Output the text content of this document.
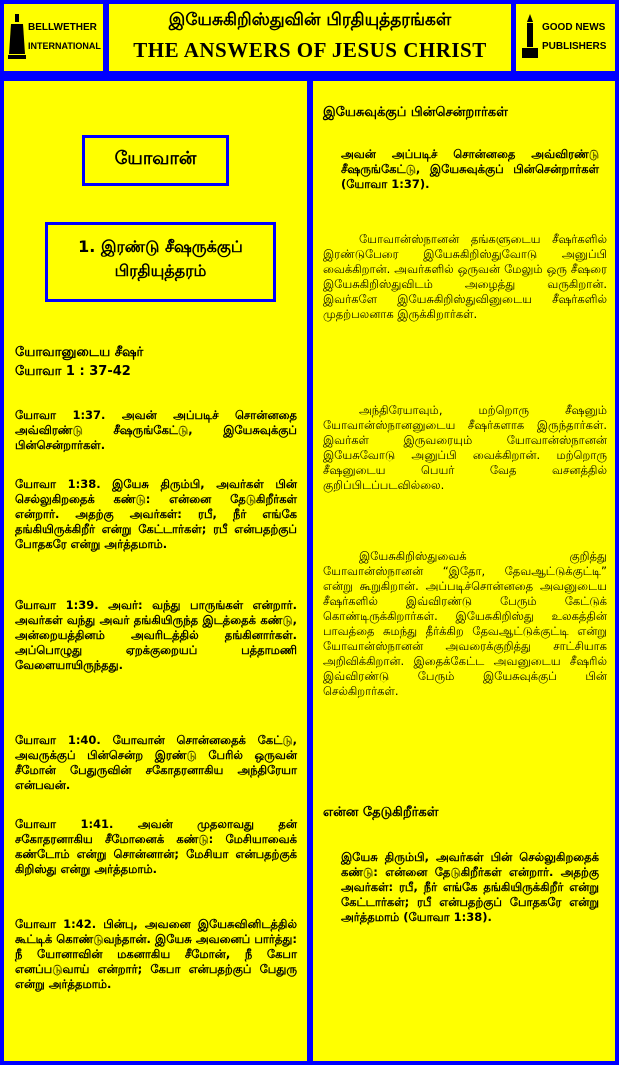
BELLWETHER
INTERNATIONAL
இயேசுகிறிஸ்துவின் பிரதியுத்தரங்கள்
THE ANSWERS OF JESUS CHRIST
GOOD NEWS
PUBLISHERS
யோவான்
1. இரண்டு சீஷருக்குப் பிரதியுத்தரம்
யோவானுடைய சீஷர்
யோவா 1 : 37-42
யோவா 1:37. அவன் அப்படிச் சொன்னதை அவ்விரண்டு சீஷருங்கேட்டு, இயேசுவுக்குப் பின்சென்றார்கள்.
யோவா 1:38. இயேசு திரும்பி, அவர்கள் பின் செல்லுகிறதைக் கண்டு: என்னை தேடுகிறீர்கள் என்றார். அதற்கு அவர்கள்: ரபீ, நீர் எங்கே தங்கியிருக்கிறீர் என்று கேட்டார்கள்; ரபீ என்பதற்குப் போதகரே என்று அர்த்தமாம்.
யோவா 1:39. அவர்: வந்து பாருங்கள் என்றார். அவர்கள் வந்து அவர் தங்கியிருந்த இடத்தைக் கண்டு, அன்றையத்தினம் அவரிடத்தில் தங்கினார்கள். அப்பொழுது ஏறக்குறையப் பத்தாமணி வேளையாயிருந்தது.
யோவா 1:40. யோவான் சொன்னதைக் கேட்டு, அவருக்குப் பின்சென்ற இரண்டு பேரில் ஒருவன் சீமோன் பேதுருவின் சகோதரனாகிய அந்திரேயா என்பவன்.
யோவா 1:41. அவன் முதலாவது தன் சகோதரனாகிய சீமோனைக் கண்டு: மேசியாவைக் கண்டோம் என்று சொன்னான்; மேசியா என்பதற்குக் கிறிஸ்து என்று அர்த்தமாம்.
யோவா 1:42. பின்பு, அவனை இயேசுவினிடத்தில் கூட்டிக் கொண்டுவந்தான். இயேசு அவனைப் பார்த்து: நீ யோனாவின் மகனாகிய சீமோன், நீ கேபா எனப்படுவாய் என்றார்; கேபா என்பதற்குப் பேதுரு என்று அர்த்தமாம்.
இயேசுவுக்குப் பின்சென்றார்கள்
அவன் அப்படிச் சொன்னதை அவ்விரண்டு சீஷருங்கேட்டு, இயேசுவுக்குப் பின்சென்றார்கள் (யோவா 1:37).
யோவான்ஸ்நானன் தங்களுடைய சீஷர்களில் இரண்டுபேரை இயேசுகிறிஸ்துவோடு அனுப்பி வைக்கிறான். அவர்களில் ஒருவன் மேலும் ஒரு சீஷரை இயேசுகிறிஸ்துவிடம் அழைத்து வருகிறான். இவர்களே இயேசுகிறிஸ்துவினுடைய சீஷர்களில் முதற்பலனாக இருக்கிறார்கள்.
அந்திரேயாவும், மற்றொரு சீஷனும் யோவான்ஸ்நானனுடைய சீஷர்களாக இருந்தார்கள். இவர்கள் இருவரையும் யோவான்ஸ்நானன் இயேசுவோடு அனுப்பி வைக்கிறான். மற்றொரு சீஷனுடைய பெயர் வேத வசனத்தில் குறிப்பிடப்படவில்லை.
இயேசுகிறிஸ்துவைக் குறித்து யோவான்ஸ்நானன் “இதோ, தேவஆட்டுக்குட்டி” என்று கூறுகிறான். அப்படிச்சொன்னதை அவனுடைய சீஷர்களில் இவ்விரண்டு பேரும் கேட்டுக் கொண்டிருக்கிறார்கள். இயேசுகிறிஸ்து உலகத்தின் பாவத்தை சுமந்து தீர்க்கிற தேவஆட்டுக்குட்டி என்று யோவான்ஸ்நானன் அவரைக்குறித்து சாட்சியாக அறிவிக்கிறான். இதைக்கேட்ட அவனுடைய சீஷரில் இவ்விரண்டு பேரும் இயேசுவுக்குப் பின் செல்கிறார்கள்.
என்ன தேடுகிறீர்கள்
இயேசு திரும்பி, அவர்கள் பின் செல்லுகிறதைக் கண்டு: என்னை தேடுகிறீர்கள் என்றார். அதற்கு அவர்கள்: ரபீ, நீர் எங்கே தங்கியிருக்கிறீர் என்று கேட்டார்கள்; ரபீ என்பதற்குப் போதகரே என்று அர்த்தமாம் (யோவா 1:38).
